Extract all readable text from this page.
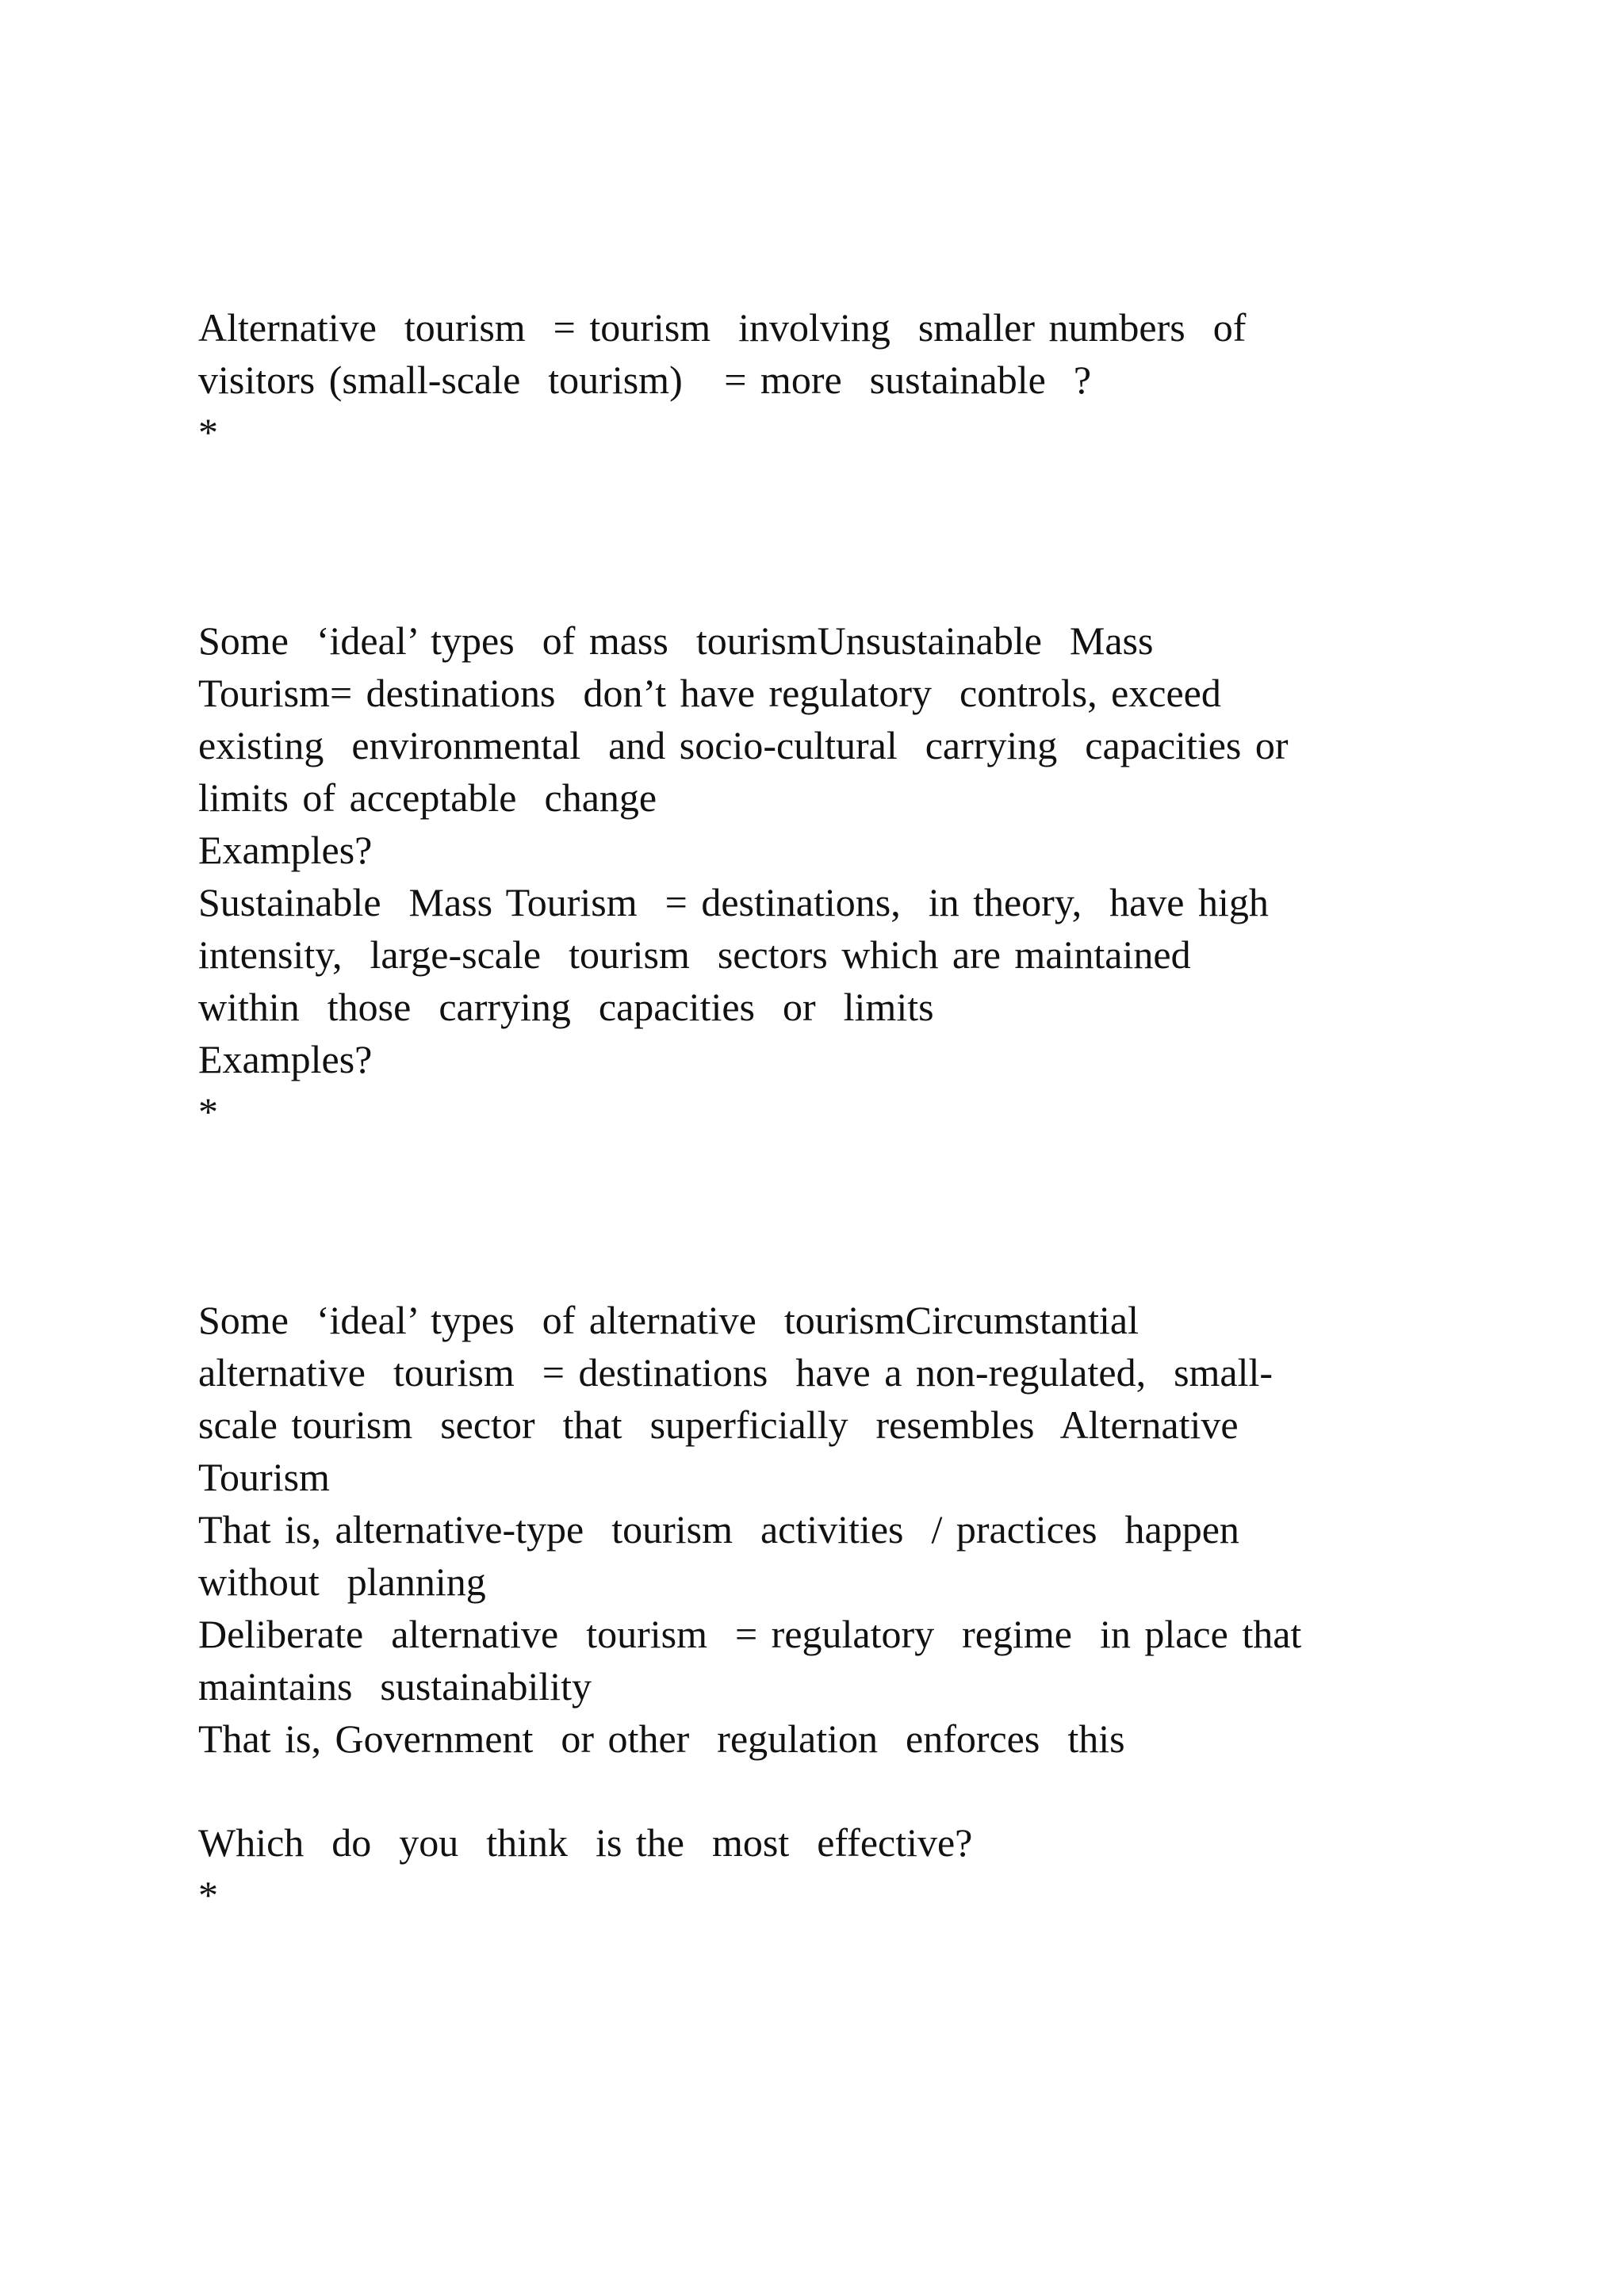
Alternative  tourism  = tourism  involving  smaller numbers  of
visitors (small-scale  tourism)   = more  sustainable  ?
*
Some  ‘ideal’ types  of mass  tourismUnsustainable  Mass
Tourism= destinations  don’t have regulatory  controls, exceed
existing  environmental  and socio-cultural  carrying  capacities or
limits of acceptable  change
Examples?
Sustainable  Mass Tourism  = destinations,  in theory,  have high
intensity,  large-scale  tourism  sectors which are maintained
within  those  carrying  capacities  or  limits
Examples?
*
Some  ‘ideal’ types  of alternative  tourismCircumstantial
alternative  tourism  = destinations  have a non-regulated,  small-
scale tourism  sector  that  superficially  resembles  Alternative
Tourism
That is, alternative-type  tourism  activities  / practices  happen
without  planning
Deliberate  alternative  tourism  = regulatory  regime  in place that
maintains  sustainability
That is, Government  or other  regulation  enforces  this
Which  do  you  think  is the  most  effective?
*
